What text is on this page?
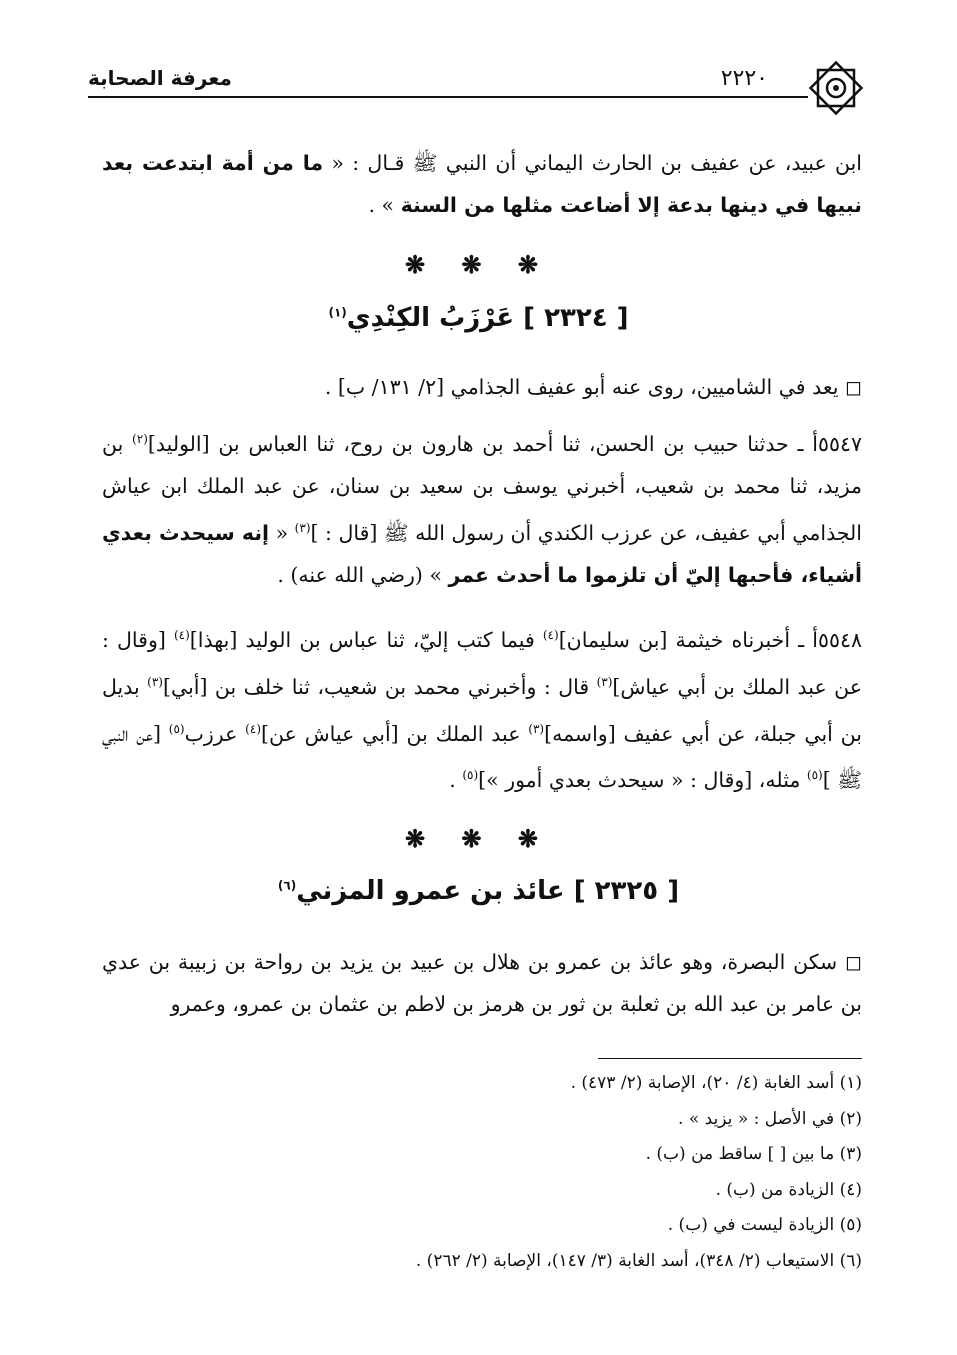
معرفة الصحابة	٢٢٢٠
ابن عبيد، عن عفيف بن الحارث اليماني أن النبي ﷺ قـال : « ما من أمة ابتدعت بعد نبيها في دينها بدعة إلا أضاعت مثلها من السنة » .
❋ ❋ ❋
[ ٢٣٢٤ ] عَرْزَبُ الكِنْدِي$^{(١)}$
◻ يعد في الشاميين، روى عنه أبو عفيف الجذامي [٢/ ١٣١/ ب] .
٥٥٤٧أ ـ حدثنا حبيب بن الحسن، ثنا أحمد بن هارون بن روح، ثنا العباس بن [الوليد]$^{(٢)}$ بن مزيد، ثنا محمد بن شعيب، أخبرني يوسف بن سعيد بن سنان، عن عبد الملك ابن عياش الجذامي أبي عفيف، عن عرزب الكندي أن رسول الله ﷺ [قال : ]$^{(٣)}$ « إنه سيحدث بعدي أشياء، فأحبها إليّ أن تلزموا ما أحدث عمر » (رضي الله عنه) .
٥٥٤٨أ ـ أخبرناه خيثمة [بن سليمان]$^{(٤)}$ فيما كتب إليّ، ثنا عباس بن الوليد [بهذا]$^{(٤)}$ [وقال : عن عبد الملك بن أبي عياش]$^{(٣)}$ قال : وأخبرني محمد بن شعيب، ثنا خلف بن [أبي]$^{(٣)}$ بديل بن أبي جبلة، عن أبي عفيف [واسمه]$^{(٣)}$ عبد الملك بن [أبي عياش عن]$^{(٤)}$ عرزب$^{(٥)}$ [عن النبي ﷺ ]$^{(٥)}$ مثله، [وقال : « سيحدث بعدي أمور »]$^{(٥)}$ .
❋ ❋ ❋
[ ٢٣٢٥ ] عائذ بن عمرو المزني$^{(٦)}$
◻ سكن البصرة، وهو عائذ بن عمرو بن هلال بن عبيد بن يزيد بن رواحة بن زبيبة بن عدي بن عامر بن عبد الله بن ثعلبة بن ثور بن هرمز بن لاطم بن عثمان بن عمرو، وعمرو
(١) أسد الغابة (٤/ ٢٠)، الإصابة (٢/ ٤٧٣) .
(٢) في الأصل : « يزيد » .
(٣) ما بين [ ] ساقط من (ب) .
(٤) الزيادة من (ب) .
(٥) الزيادة ليست في (ب) .
(٦) الاستيعاب (٢/ ٣٤٨)، أسد الغابة (٣/ ١٤٧)، الإصابة (٢/ ٢٦٢) .
